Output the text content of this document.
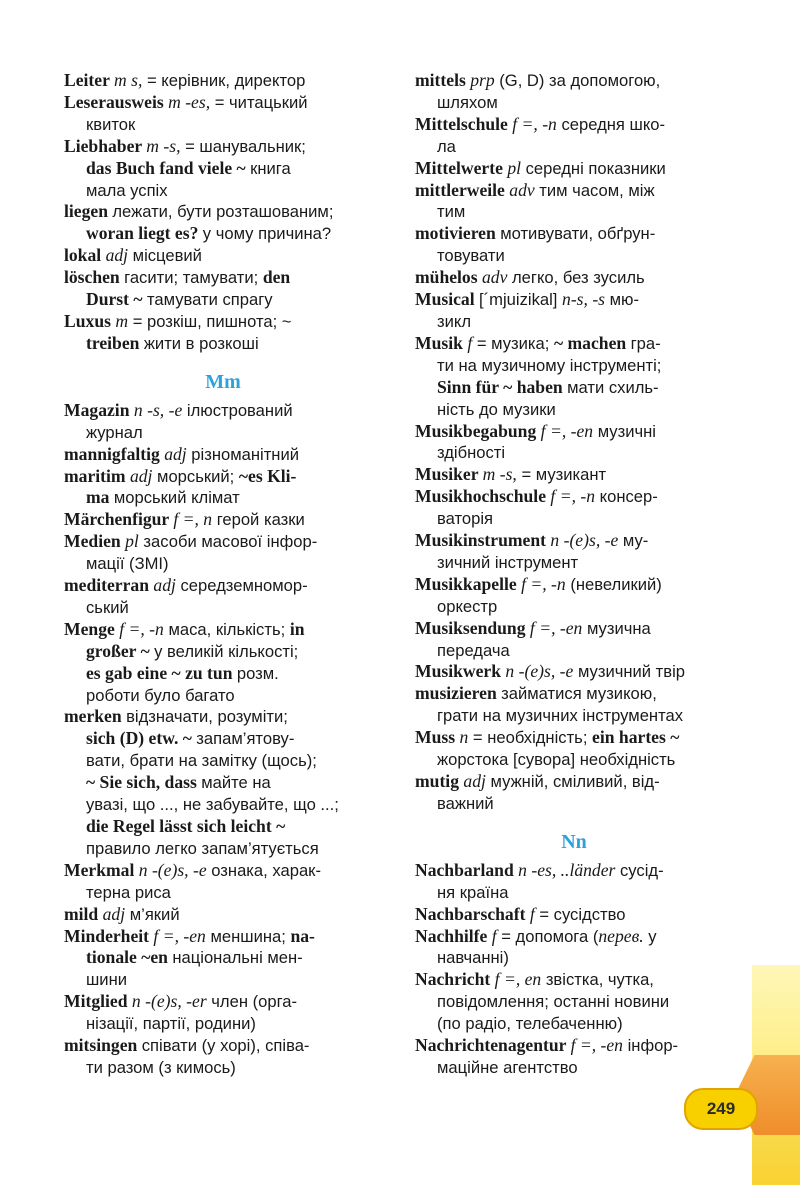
Leiter m s, = керівник, директор
Leserausweis m -es, = читацький
квиток
Liebhaber m -s, = шанувальник;
das Buch fand viele ~ книга
мала успіх
liegen лежати, бути розташованим;
woran liegt es? у чому причина?
lokal adj місцевий
löschen гасити; тамувати; den
Durst ~ тамувати спрагу
Luxus m = розкіш, пишнота; ~
treiben жити в розкоші
Mm
Magazin n -s, -e ілюстрований
журнал
mannigfaltig adj різноманітний
maritim adj морський; ~es Kli-
ma морський клімат
Märchenfigur f =, n герой казки
Medien pl засоби масової інфор-
мації (ЗМІ)
mediterran adj середземномор-
ський
Menge f =, -n маса, кількість; in
großer ~ у великій кількості;
es gab eine ~ zu tun розм.
роботи було багато
merken відзначати, розуміти;
sich (D) etw. ~ запам’ятову-
вати, брати на замітку (щось);
~ Sie sich, dass майте на
увазі, що ..., не забувайте, що ...;
die Regel lässt sich leicht ~
правило легко запам’ятується
Merkmal n -(e)s, -e ознака, харак-
терна риса
mild adj м’який
Minderheit f =, -en меншина; na-
tionale ~en національні мен-
шини
Mitglied n -(e)s, -er член (орга-
нізації, партії, родини)
mitsingen співати (у хорі), співа-
ти разом (з кимось)
mittels prp (G, D) за допомогою,
шляхом
Mittelschule f =, -n середня шко-
ла
Mittelwerte pl середні показники
mittlerweile adv тим часом, між
тим
motivieren мотивувати, обґрун-
товувати
mühelos adv легко, без зусиль
Musical [´mjuizikal] n-s, -s мю-
зикл
Musik f = музика; ~ machen гра-
ти на музичному інструменті;
Sinn für ~ haben мати схиль-
ність до музики
Musikbegabung f =, -en музичні
здібності
Musiker m -s, = музикант
Musikhochschule f =, -n консер-
ваторія
Musikinstrument n -(e)s, -e му-
зичний інструмент
Musikkapelle f =, -n (невеликий)
оркестр
Musiksendung f =, -en музична
передача
Musikwerk n -(e)s, -e музичний твір
musizieren займатися музикою,
грати на музичних інструментах
Muss n = необхідність; ein hartes ~
жорстока [сувора] необхідність
mutig adj мужній, сміливий, від-
важний
Nn
Nachbarland n -es, ..länder сусід-
ня країна
Nachbarschaft f = сусідство
Nachhilfe f = допомога (перев. у
навчанні)
Nachricht f =, en звістка, чутка,
повідомлення; останні новини
(по радіо, телебаченню)
Nachrichtenagentur f =, -en інфор-
маційне агентство
249
